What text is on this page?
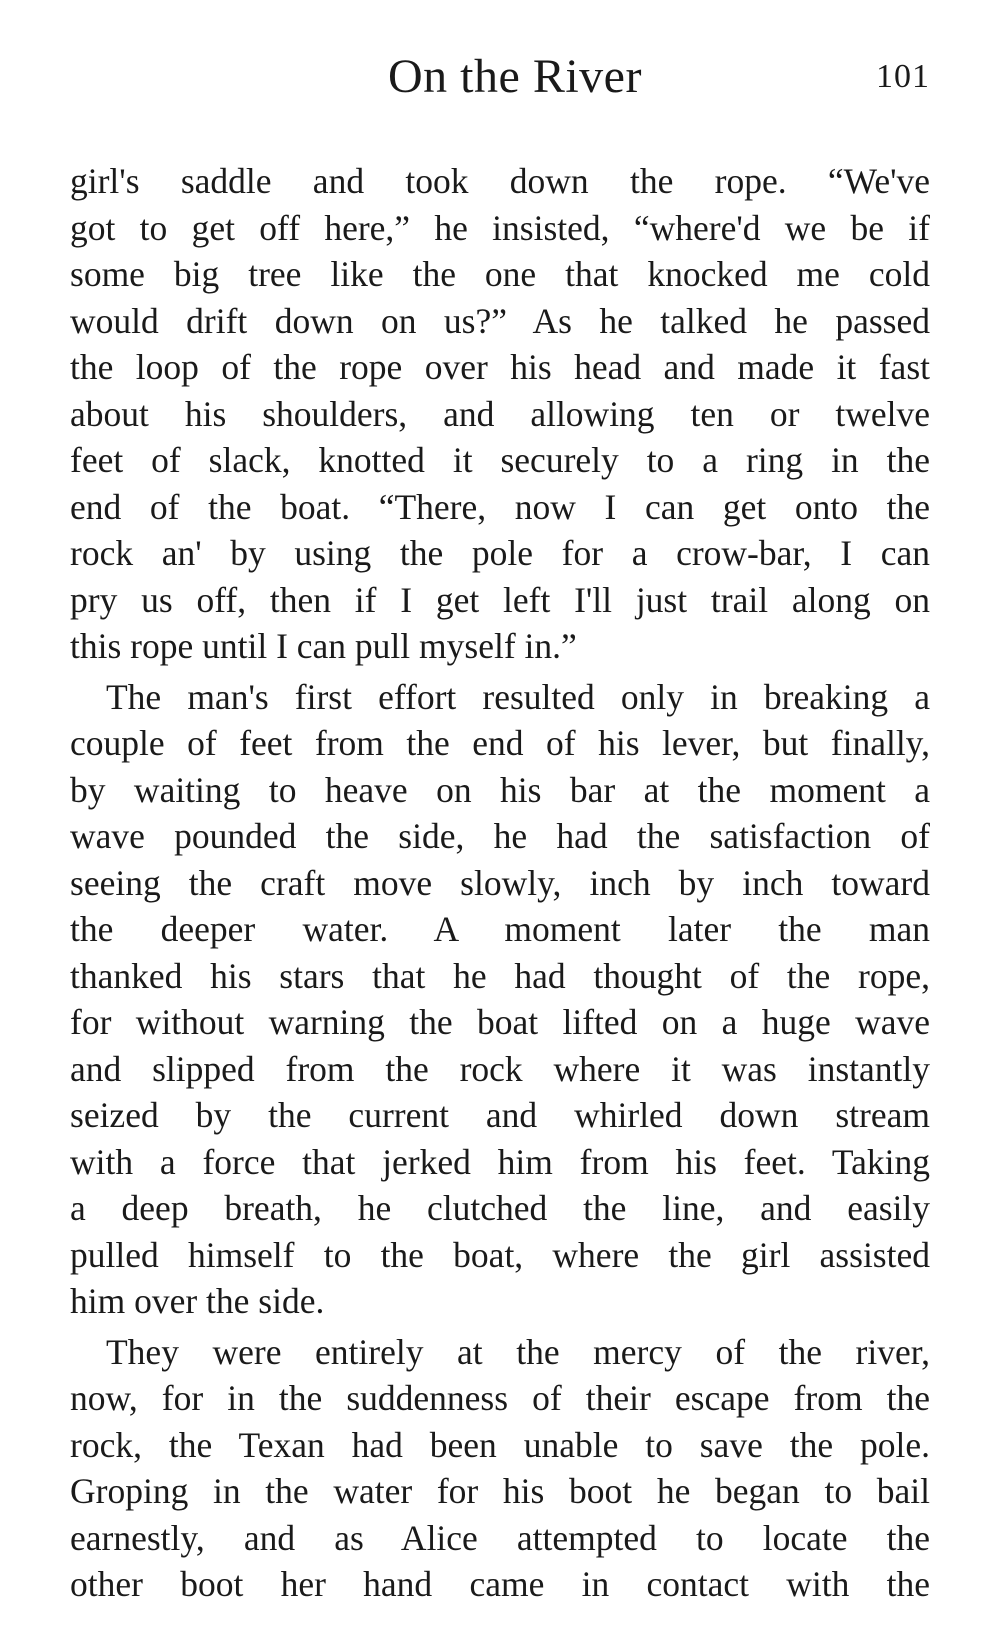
On the River	101
girl's saddle and took down the rope. “We've
got to get off here,” he insisted, “where'd we be if
some big tree like the one that knocked me cold
would drift down on us?” As he talked he passed
the loop of the rope over his head and made it fast
about his shoulders, and allowing ten or twelve
feet of slack, knotted it securely to a ring in the
end of the boat. “There, now I can get onto the
rock an' by using the pole for a crow-bar, I can
pry us off, then if I get left I'll just trail along on
this rope until I can pull myself in.”
The man's first effort resulted only in breaking a
couple of feet from the end of his lever, but finally,
by waiting to heave on his bar at the moment a
wave pounded the side, he had the satisfaction of
seeing the craft move slowly, inch by inch toward
the deeper water. A moment later the man
thanked his stars that he had thought of the rope,
for without warning the boat lifted on a huge wave
and slipped from the rock where it was instantly
seized by the current and whirled down stream
with a force that jerked him from his feet. Taking
a deep breath, he clutched the line, and easily
pulled himself to the boat, where the girl assisted
him over the side.
They were entirely at the mercy of the river,
now, for in the suddenness of their escape from the
rock, the Texan had been unable to save the pole.
Groping in the water for his boot he began to bail
earnestly, and as Alice attempted to locate the
other boot her hand came in contact with the
